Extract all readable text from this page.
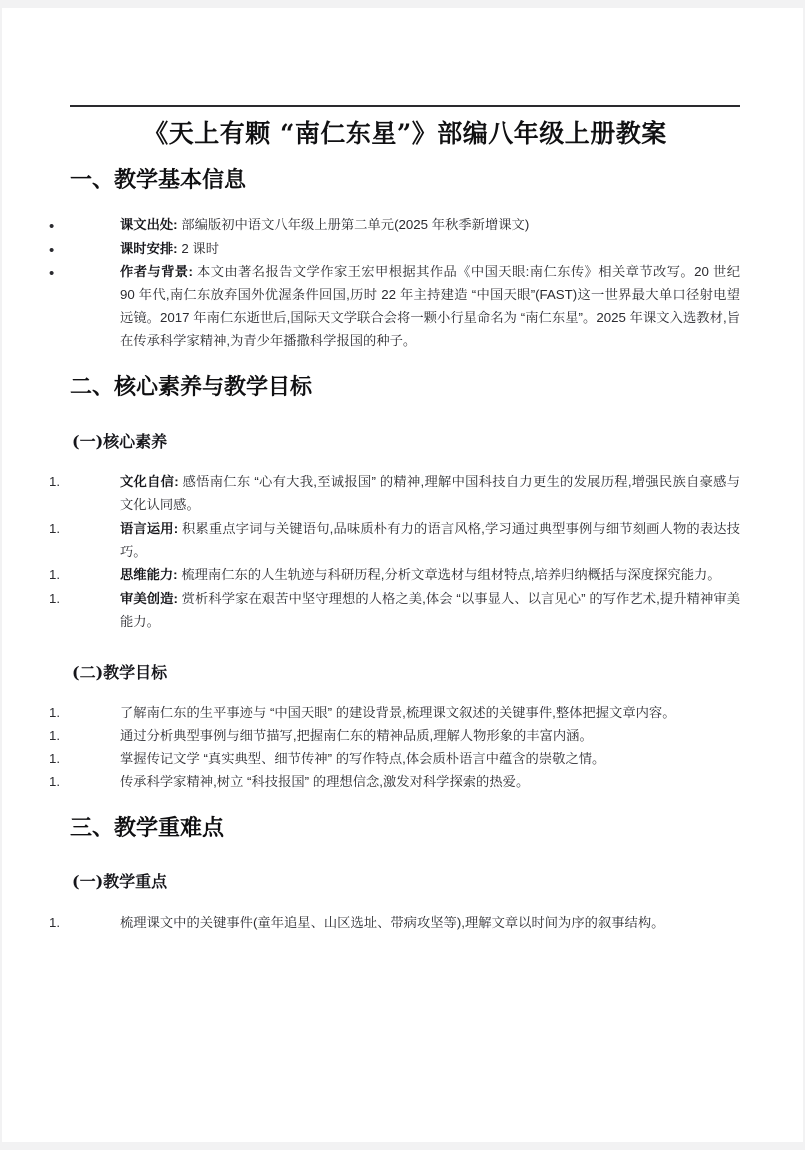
《天上有颗 “南仁东星”》部编八年级上册教案
一、教学基本信息
•	课文出处: 部编版初中语文八年级上册第二单元(2025 年秋季新增课文)
•	课时安排: 2 课时
•	作者与背景: 本文由著名报告文学作家王宏甲根据其作品《中国天眼:南仁东传》相关章节改写。20 世纪 90 年代,南仁东放弃国外优渥条件回国,历时 22 年主持建造 “中国天眼”(FAST)这一世界最大单口径射电望远镜。2017 年南仁东逝世后,国际天文学联合会将一颗小行星命名为 “南仁东星”。2025 年课文入选教材,旨在传承科学家精神,为青少年播撒科学报国的种子。
二、核心素养与教学目标
(一)核心素养
1.	文化自信: 感悟南仁东 “心有大我,至诚报国” 的精神,理解中国科技自力更生的发展历程,增强民族自豪感与文化认同感。
1.	语言运用: 积累重点字词与关键语句,品味质朴有力的语言风格,学习通过典型事例与细节刻画人物的表达技巧。
1.	思维能力: 梳理南仁东的人生轨迹与科研历程,分析文章选材与组材特点,培养归纳概括与深度探究能力。
1.	审美创造: 赏析科学家在艰苦中坚守理想的人格之美,体会 “以事显人、以言见心” 的写作艺术,提升精神审美能力。
(二)教学目标
1.	了解南仁东的生平事迹与 “中国天眼” 的建设背景,梳理课文叙述的关键事件,整体把握文章内容。
1.	通过分析典型事例与细节描写,把握南仁东的精神品质,理解人物形象的丰富内涵。
1.	掌握传记文学 “真实典型、细节传神” 的写作特点,体会质朴语言中蕴含的崇敬之情。
1.	传承科学家精神,树立 “科技报国” 的理想信念,激发对科学探索的热爱。
三、教学重难点
(一)教学重点
1.	梳理课文中的关键事件(童年追星、山区选址、带病攻坚等),理解文章以时间为序的叙事结构。
